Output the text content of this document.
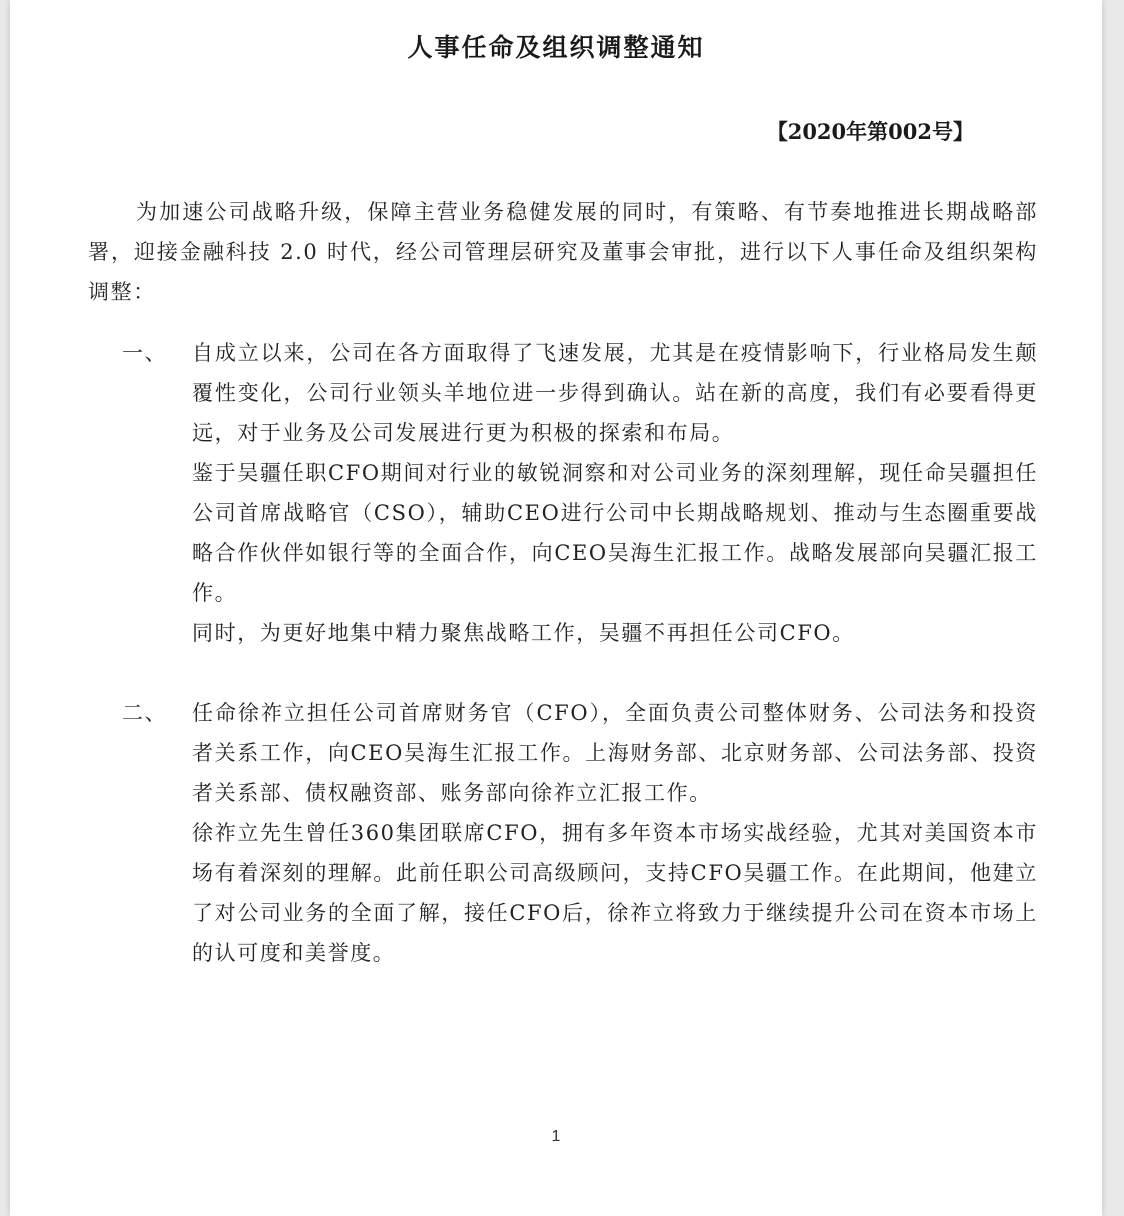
人事任命及组织调整通知
【2020年第002号】

为加速公司战略升级，保障主营业务稳健发展的同时，有策略、有节奏地推进长期战略部署，迎接金融科技 2.0 时代，经公司管理层研究及董事会审批，进行以下人事任命及组织架构调整：

一、	自成立以来，公司在各方面取得了飞速发展，尤其是在疫情影响下，行业格局发生颠覆性变化，公司行业领头羊地位进一步得到确认。站在新的高度，我们有必要看得更远，对于业务及公司发展进行更为积极的探索和布局。

鉴于吴疆任职CFO期间对行业的敏锐洞察和对公司业务的深刻理解，现任命吴疆担任公司首席战略官（CSO），辅助CEO进行公司中长期战略规划、推动与生态圈重要战略合作伙伴如银行等的全面合作，向CEO吴海生汇报工作。战略发展部向吴疆汇报工作。

同时，为更好地集中精力聚焦战略工作，吴疆不再担任公司CFO。

二、	任命徐祚立担任公司首席财务官（CFO），全面负责公司整体财务、公司法务和投资者关系工作，向CEO吴海生汇报工作。上海财务部、北京财务部、公司法务部、投资者关系部、债权融资部、账务部向徐祚立汇报工作。

徐祚立先生曾任360集团联席CFO，拥有多年资本市场实战经验，尤其对美国资本市场有着深刻的理解。此前任职公司高级顾问，支持CFO吴疆工作。在此期间，他建立了对公司业务的全面了解，接任CFO后，徐祚立将致力于继续提升公司在资本市场上的认可度和美誉度。

1
